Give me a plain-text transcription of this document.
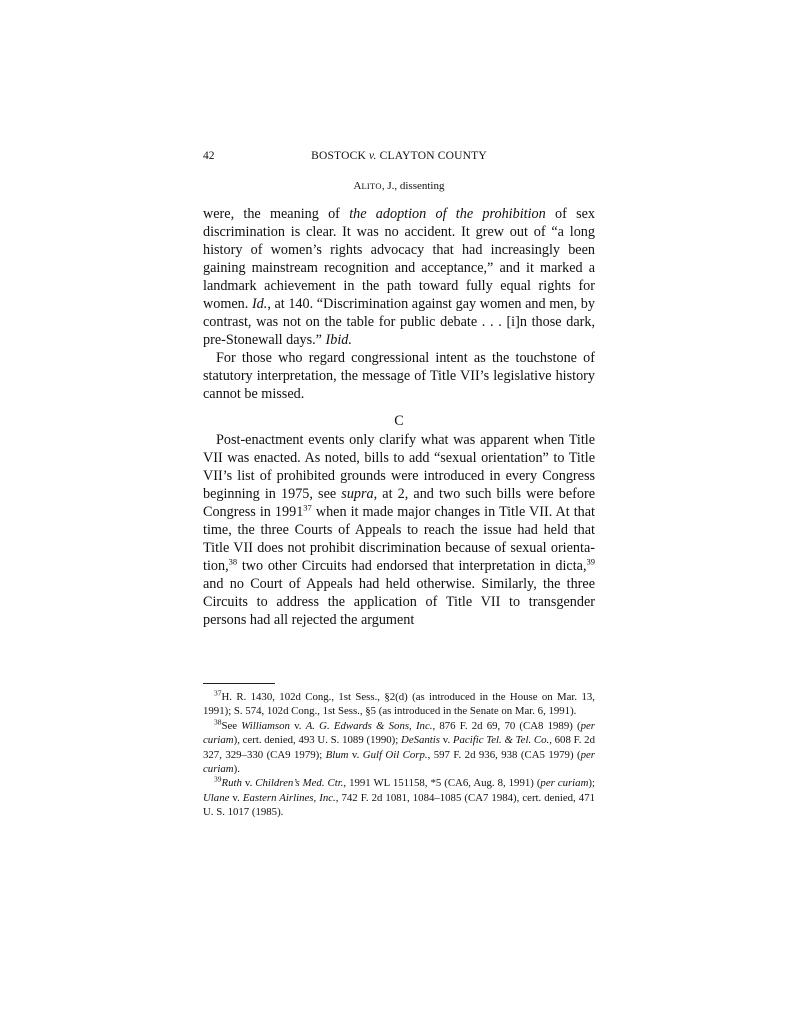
42	BOSTOCK v. CLAYTON COUNTY
ALITO, J., dissenting

were, the meaning of the adoption of the prohibition of sex discrimination is clear. It was no accident. It grew out of “a long history of women’s rights advocacy that had increasingly been gaining mainstream recognition and acceptance,” and it marked a landmark achievement in the path toward fully equal rights for women. Id., at 140. “Discrimination against gay women and men, by contrast, was not on the table for public debate . . . [i]n those dark, pre-Stonewall days.” Ibid.

For those who regard congressional intent as the touchstone of statutory interpretation, the message of Title VII’s legislative history cannot be missed.

C

Post-enactment events only clarify what was apparent when Title VII was enacted. As noted, bills to add “sexual orientation” to Title VII’s list of prohibited grounds were introduced in every Congress beginning in 1975, see supra, at 2, and two such bills were before Congress in 1991$^{37}$ when it made major changes in Title VII. At that time, the three Courts of Appeals to reach the issue had held that Title VII does not prohibit discrimination because of sexual orientation,$^{38}$ two other Circuits had endorsed that interpretation in dicta,$^{39}$ and no Court of Appeals had held otherwise. Similarly, the three Circuits to address the application of Title VII to transgender persons had all rejected the argument

$^{37}$H. R. 1430, 102d Cong., 1st Sess., §2(d) (as introduced in the House on Mar. 13, 1991); S. 574, 102d Cong., 1st Sess., §5 (as introduced in the Senate on Mar. 6, 1991).

$^{38}$See Williamson v. A. G. Edwards & Sons, Inc., 876 F. 2d 69, 70 (CA8 1989) (per curiam), cert. denied, 493 U. S. 1089 (1990); DeSantis v. Pacific Tel. & Tel. Co., 608 F. 2d 327, 329–330 (CA9 1979); Blum v. Gulf Oil Corp., 597 F. 2d 936, 938 (CA5 1979) (per curiam).

$^{39}$Ruth v. Children’s Med. Ctr., 1991 WL 151158, *5 (CA6, Aug. 8, 1991) (per curiam); Ulane v. Eastern Airlines, Inc., 742 F. 2d 1081, 1084–1085 (CA7 1984), cert. denied, 471 U. S. 1017 (1985).
